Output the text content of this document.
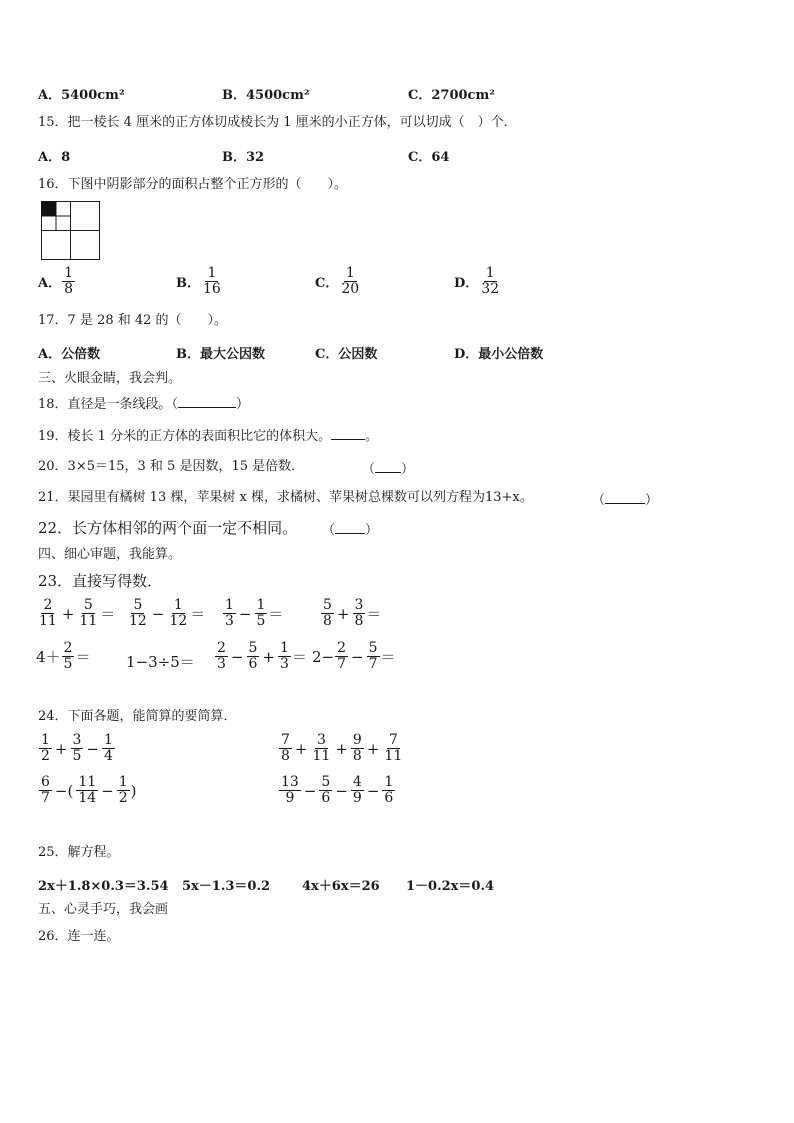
A．5400cm²	B．4500cm²	C．2700cm²
15．把一棱长 4 厘米的正方体切成棱长为 1 厘米的小正方体，可以切成（　）个．
A．8	B．32	C．64
16．下图中阴影部分的面积占整个正方形的（　　）。
A． $\frac{1}{8}$	B． $\frac{1}{16}$	C． $\frac{1}{20}$	D． $\frac{1}{32}$
17．7 是 28 和 42 的（　　）。
A．公倍数	B．最大公因数	C．公因数	D．最小公倍数
三、火眼金睛，我会判。
18．直径是一条线段。（	）
19．棱长 1 分米的正方体的表面积比它的体积大。	。
20．3×5＝15，3 和 5 是因数，15 是倍数．	（ ）
21．果园里有橘树 13 棵，苹果树 x 棵，求橘树、苹果树总棵数可以列方程为13+x。	（	）
22．长方体相邻的两个面一定不相同。 （ ）
四、细心审题，我能算。
23．直接写得数．
$\frac{2}{11} + \frac{5}{11} = \frac{5}{12} - \frac{1}{12} = \frac{1}{3} - \frac{1}{5}$ ＝	$\frac{5}{8} + \frac{3}{8}$ ＝
$4+ \frac{2}{5} = 1-3\div 5= \frac{2}{3} - \frac{5}{6} + \frac{1}{3} = 2- \frac{2}{7} - \frac{5}{7}$ ＝
24．下面各题，能简算的要简算．
$\frac{1}{2} + \frac{3}{5} - \frac{1}{4}$	$\frac{7}{8} + \frac{3}{11} + \frac{9}{8} + \frac{7}{11}$
$\frac{6}{7}$ −( $\frac{11}{14} - \frac{1}{2}$ )	$\frac{13}{9} - \frac{5}{6} - \frac{4}{9} - \frac{1}{6}$
25．解方程。
2x＋1.8×0.3＝3.54 5x－1.3＝0.2 4x＋6x＝26 1－0.2x＝0.4
五、心灵手巧，我会画
26．连一连。
